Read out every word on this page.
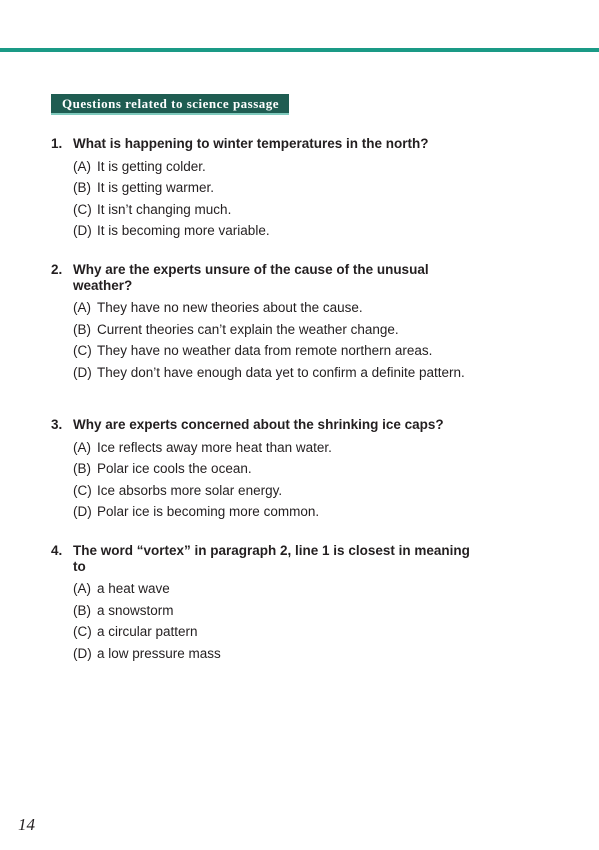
Questions related to science passage
1. What is happening to winter temperatures in the north?
(A) It is getting colder.
(B) It is getting warmer.
(C) It isn’t changing much.
(D) It is becoming more variable.
2. Why are the experts unsure of the cause of the unusual weather?
(A) They have no new theories about the cause.
(B) Current theories can’t explain the weather change.
(C) They have no weather data from remote northern areas.
(D) They don’t have enough data yet to confirm a definite pattern.
3. Why are experts concerned about the shrinking ice caps?
(A) Ice reflects away more heat than water.
(B) Polar ice cools the ocean.
(C) Ice absorbs more solar energy.
(D) Polar ice is becoming more common.
4. The word “vortex” in paragraph 2, line 1 is closest in meaning to
(A) a heat wave
(B) a snowstorm
(C) a circular pattern
(D) a low pressure mass
14
